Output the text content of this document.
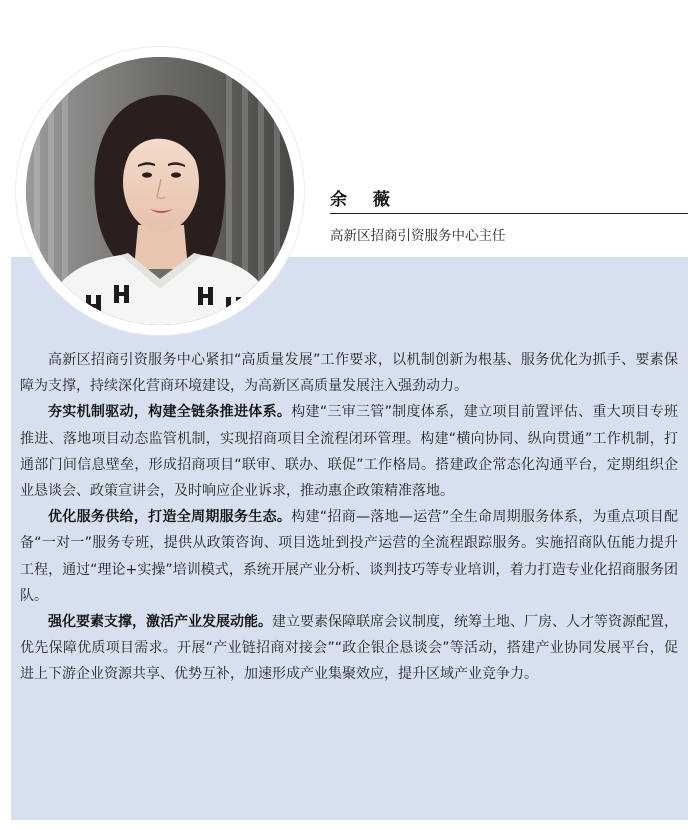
余 薇

高新区招商引资服务中心主任

高新区招商引资服务中心紧扣“高质量发展”工作要求，以机制创新为根基、服务优化为抓手、要素保障为支撑，持续深化营商环境建设，为高新区高质量发展注入强劲动力。

夯实机制驱动，构建全链条推进体系。构建“三审三管”制度体系，建立项目前置评估、重大项目专班推进、落地项目动态监管机制，实现招商项目全流程闭环管理。构建“横向协同、纵向贯通”工作机制，打通部门间信息壁垒，形成招商项目“联审、联办、联促”工作格局。搭建政企常态化沟通平台，定期组织企业恳谈会、政策宣讲会，及时响应企业诉求，推动惠企政策精准落地。

优化服务供给，打造全周期服务生态。构建“招商—落地—运营”全生命周期服务体系，为重点项目配备“一对一”服务专班，提供从政策咨询、项目选址到投产运营的全流程跟踪服务。实施招商队伍能力提升工程，通过“理论+实操”培训模式，系统开展产业分析、谈判技巧等专业培训，着力打造专业化招商服务团队。

强化要素支撑，激活产业发展动能。建立要素保障联席会议制度，统筹土地、厂房、人才等资源配置，优先保障优质项目需求。开展“产业链招商对接会”“政企银企恳谈会”等活动，搭建产业协同发展平台，促进上下游企业资源共享、优势互补，加速形成产业集聚效应，提升区域产业竞争力。
